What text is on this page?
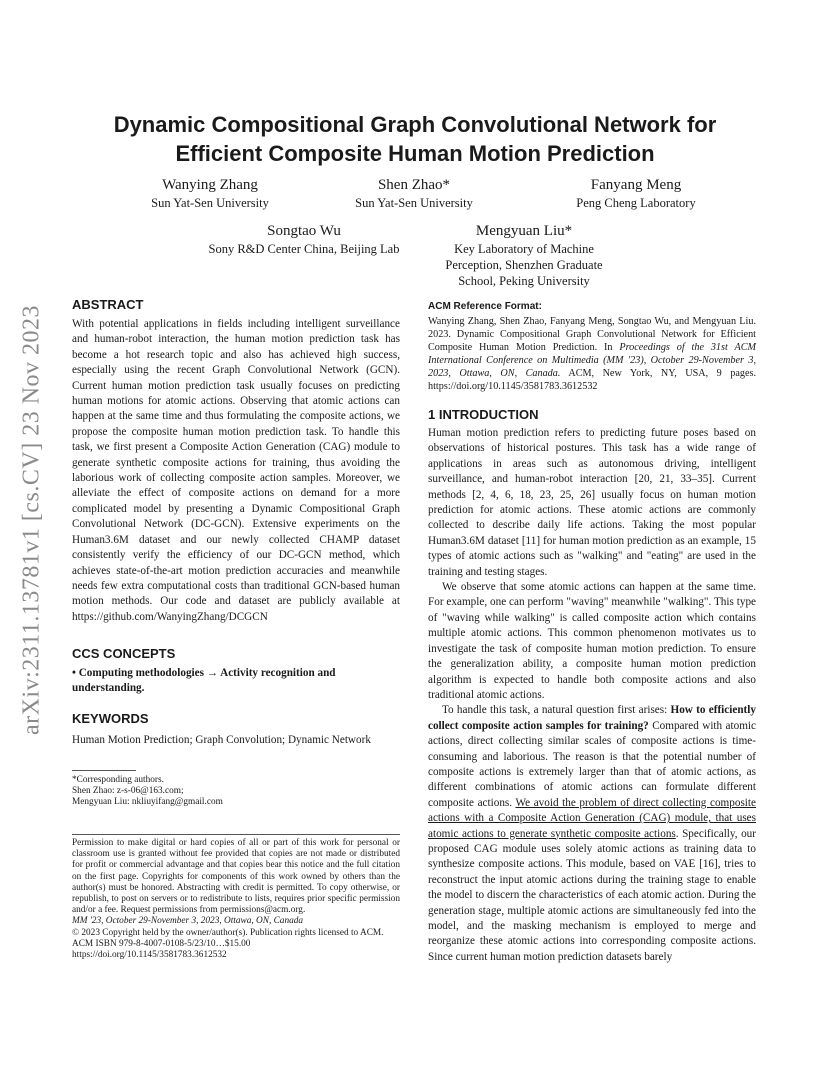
Dynamic Compositional Graph Convolutional Network for
Efficient Composite Human Motion Prediction
Wanying Zhang
Sun Yat-Sen University
Shen Zhao*
Sun Yat-Sen University
Fanyang Meng
Peng Cheng Laboratory
Songtao Wu
Sony R&D Center China, Beijing Lab
Mengyuan Liu*
Key Laboratory of Machine
Perception, Shenzhen Graduate
School, Peking University
arXiv:2311.13781v1 [cs.CV] 23 Nov 2023
ABSTRACT

With potential applications in fields including intelligent surveillance and human-robot interaction, the human motion prediction task has become a hot research topic and also has achieved high success, especially using the recent Graph Convolutional Network (GCN). Current human motion prediction task usually focuses on predicting human motions for atomic actions. Observing that atomic actions can happen at the same time and thus formulating the composite actions, we propose the composite human motion prediction task. To handle this task, we first present a Composite Action Generation (CAG) module to generate synthetic composite actions for training, thus avoiding the laborious work of collecting composite action samples. Moreover, we alleviate the effect of composite actions on demand for a more complicated model by presenting a Dynamic Compositional Graph Convolutional Network (DC-GCN). Extensive experiments on the Human3.6M dataset and our newly collected CHAMP dataset consistently verify the efficiency of our DC-GCN method, which achieves state-of-the-art motion prediction accuracies and meanwhile needs few extra computational costs than traditional GCN-based human motion methods. Our code and dataset are publicly available at https://github.com/WanyingZhang/DCGCN

CCS CONCEPTS

• Computing methodologies → Activity recognition and understanding.

KEYWORDS

Human Motion Prediction; Graph Convolution; Dynamic Network

*Corresponding authors.
Shen Zhao: z-s-06@163.com;
Mengyuan Liu: nkliuyifang@gmail.com

Permission to make digital or hard copies of all or part of this work for personal or classroom use is granted without fee provided that copies are not made or distributed for profit or commercial advantage and that copies bear this notice and the full citation on the first page. Copyrights for components of this work owned by others than the author(s) must be honored. Abstracting with credit is permitted. To copy otherwise, or republish, to post on servers or to redistribute to lists, requires prior specific permission and/or a fee. Request permissions from permissions@acm.org.

MM '23, October 29-November 3, 2023, Ottawa, ON, Canada

© 2023 Copyright held by the owner/author(s). Publication rights licensed to ACM.

ACM ISBN 979-8-4007-0108-5/23/10…$15.00

https://doi.org/10.1145/3581783.3612532

ACM Reference Format:

Wanying Zhang, Shen Zhao, Fanyang Meng, Songtao Wu, and Mengyuan Liu. 2023. Dynamic Compositional Graph Convolutional Network for Efficient Composite Human Motion Prediction. In Proceedings of the 31st ACM International Conference on Multimedia (MM '23), October 29-November 3, 2023, Ottawa, ON, Canada. ACM, New York, NY, USA, 9 pages. https://doi.org/10.1145/3581783.3612532

1 INTRODUCTION

Human motion prediction refers to predicting future poses based on observations of historical postures. This task has a wide range of applications in areas such as autonomous driving, intelligent surveillance, and human-robot interaction [20, 21, 33–35]. Current methods [2, 4, 6, 18, 23, 25, 26] usually focus on human motion prediction for atomic actions. These atomic actions are commonly collected to describe daily life actions. Taking the most popular Human3.6M dataset [11] for human motion prediction as an example, 15 types of atomic actions such as "walking" and "eating" are used in the training and testing stages.

We observe that some atomic actions can happen at the same time. For example, one can perform "waving" meanwhile "walking". This type of "waving while walking" is called composite action which contains multiple atomic actions. This common phenomenon motivates us to investigate the task of composite human motion prediction. To ensure the generalization ability, a composite human motion prediction algorithm is expected to handle both composite actions and also traditional atomic actions.

To handle this task, a natural question first arises: How to efficiently collect composite action samples for training? Compared with atomic actions, direct collecting similar scales of composite actions is time-consuming and laborious. The reason is that the potential number of composite actions is extremely larger than that of atomic actions, as different combinations of atomic actions can formulate different composite actions. We avoid the problem of direct collecting composite actions with a Composite Action Generation (CAG) module, that uses atomic actions to generate synthetic composite actions. Specifically, our proposed CAG module uses solely atomic actions as training data to synthesize composite actions. This module, based on VAE [16], tries to reconstruct the input atomic actions during the training stage to enable the model to discern the characteristics of each atomic action. During the generation stage, multiple atomic actions are simultaneously fed into the model, and the masking mechanism is employed to merge and reorganize these atomic actions into corresponding composite actions. Since current human motion prediction datasets barely
